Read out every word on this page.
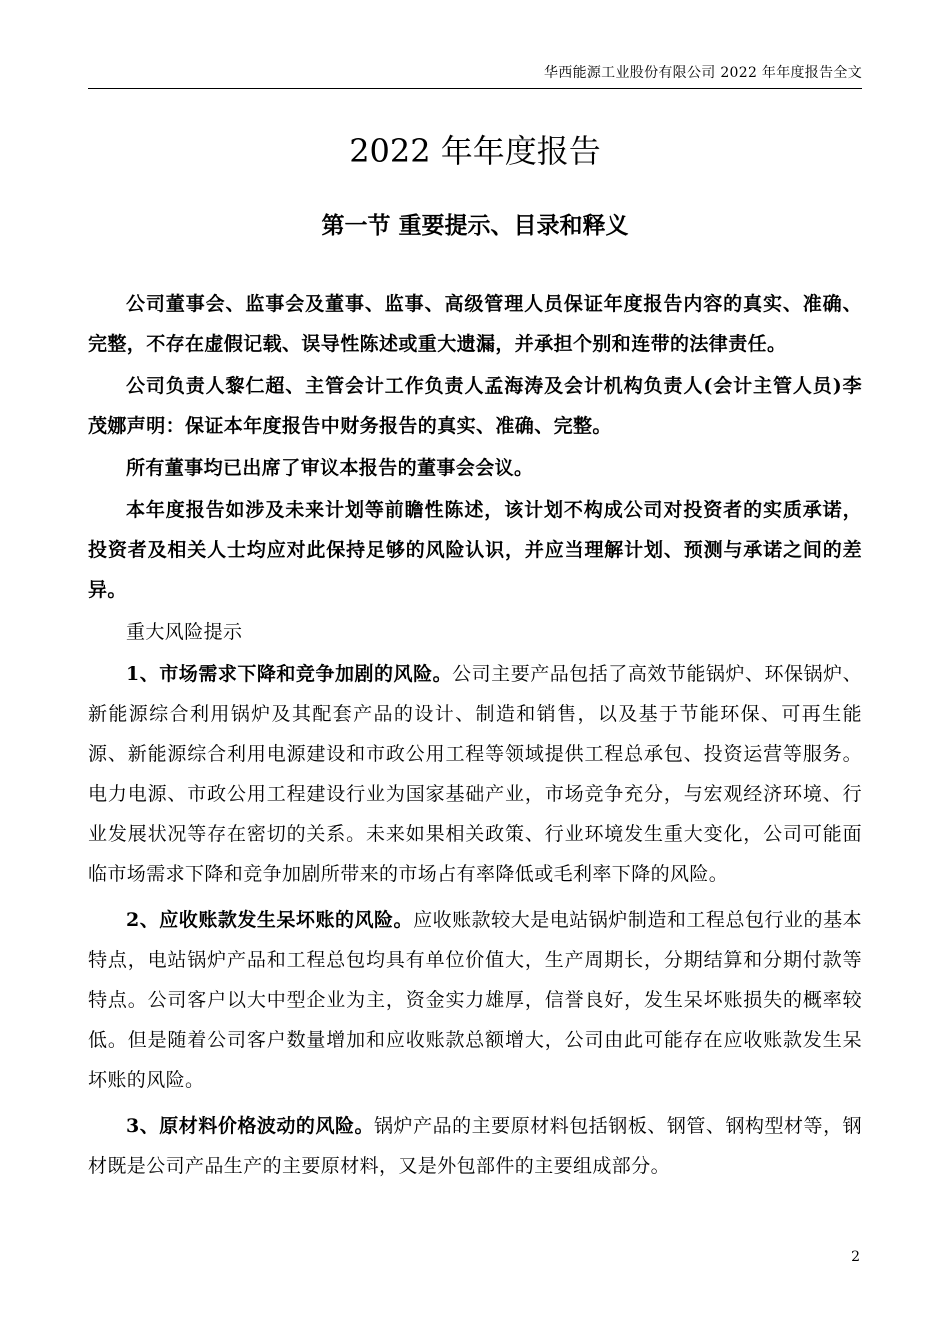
华西能源工业股份有限公司 2022 年年度报告全文
2022 年年度报告
第一节 重要提示、目录和释义

公司董事会、监事会及董事、监事、高级管理人员保证年度报告内容的真实、准确、完整，不存在虚假记载、误导性陈述或重大遗漏，并承担个别和连带的法律责任。

公司负责人黎仁超、主管会计工作负责人孟海涛及会计机构负责人(会计主管人员)李茂娜声明：保证本年度报告中财务报告的真实、准确、完整。

所有董事均已出席了审议本报告的董事会会议。

本年度报告如涉及未来计划等前瞻性陈述，该计划不构成公司对投资者的实质承诺，投资者及相关人士均应对此保持足够的风险认识，并应当理解计划、预测与承诺之间的差异。

重大风险提示

1、市场需求下降和竞争加剧的风险。公司主要产品包括了高效节能锅炉、环保锅炉、新能源综合利用锅炉及其配套产品的设计、制造和销售，以及基于节能环保、可再生能源、新能源综合利用电源建设和市政公用工程等领域提供工程总承包、投资运营等服务。电力电源、市政公用工程建设行业为国家基础产业，市场竞争充分，与宏观经济环境、行业发展状况等存在密切的关系。未来如果相关政策、行业环境发生重大变化，公司可能面临市场需求下降和竞争加剧所带来的市场占有率降低或毛利率下降的风险。

2、应收账款发生呆坏账的风险。应收账款较大是电站锅炉制造和工程总包行业的基本特点，电站锅炉产品和工程总包均具有单位价值大，生产周期长，分期结算和分期付款等特点。公司客户以大中型企业为主，资金实力雄厚，信誉良好，发生呆坏账损失的概率较低。但是随着公司客户数量增加和应收账款总额增大，公司由此可能存在应收账款发生呆坏账的风险。

3、原材料价格波动的风险。锅炉产品的主要原材料包括钢板、钢管、钢构型材等，钢材既是公司产品生产的主要原材料，又是外包部件的主要组成部分。

2
